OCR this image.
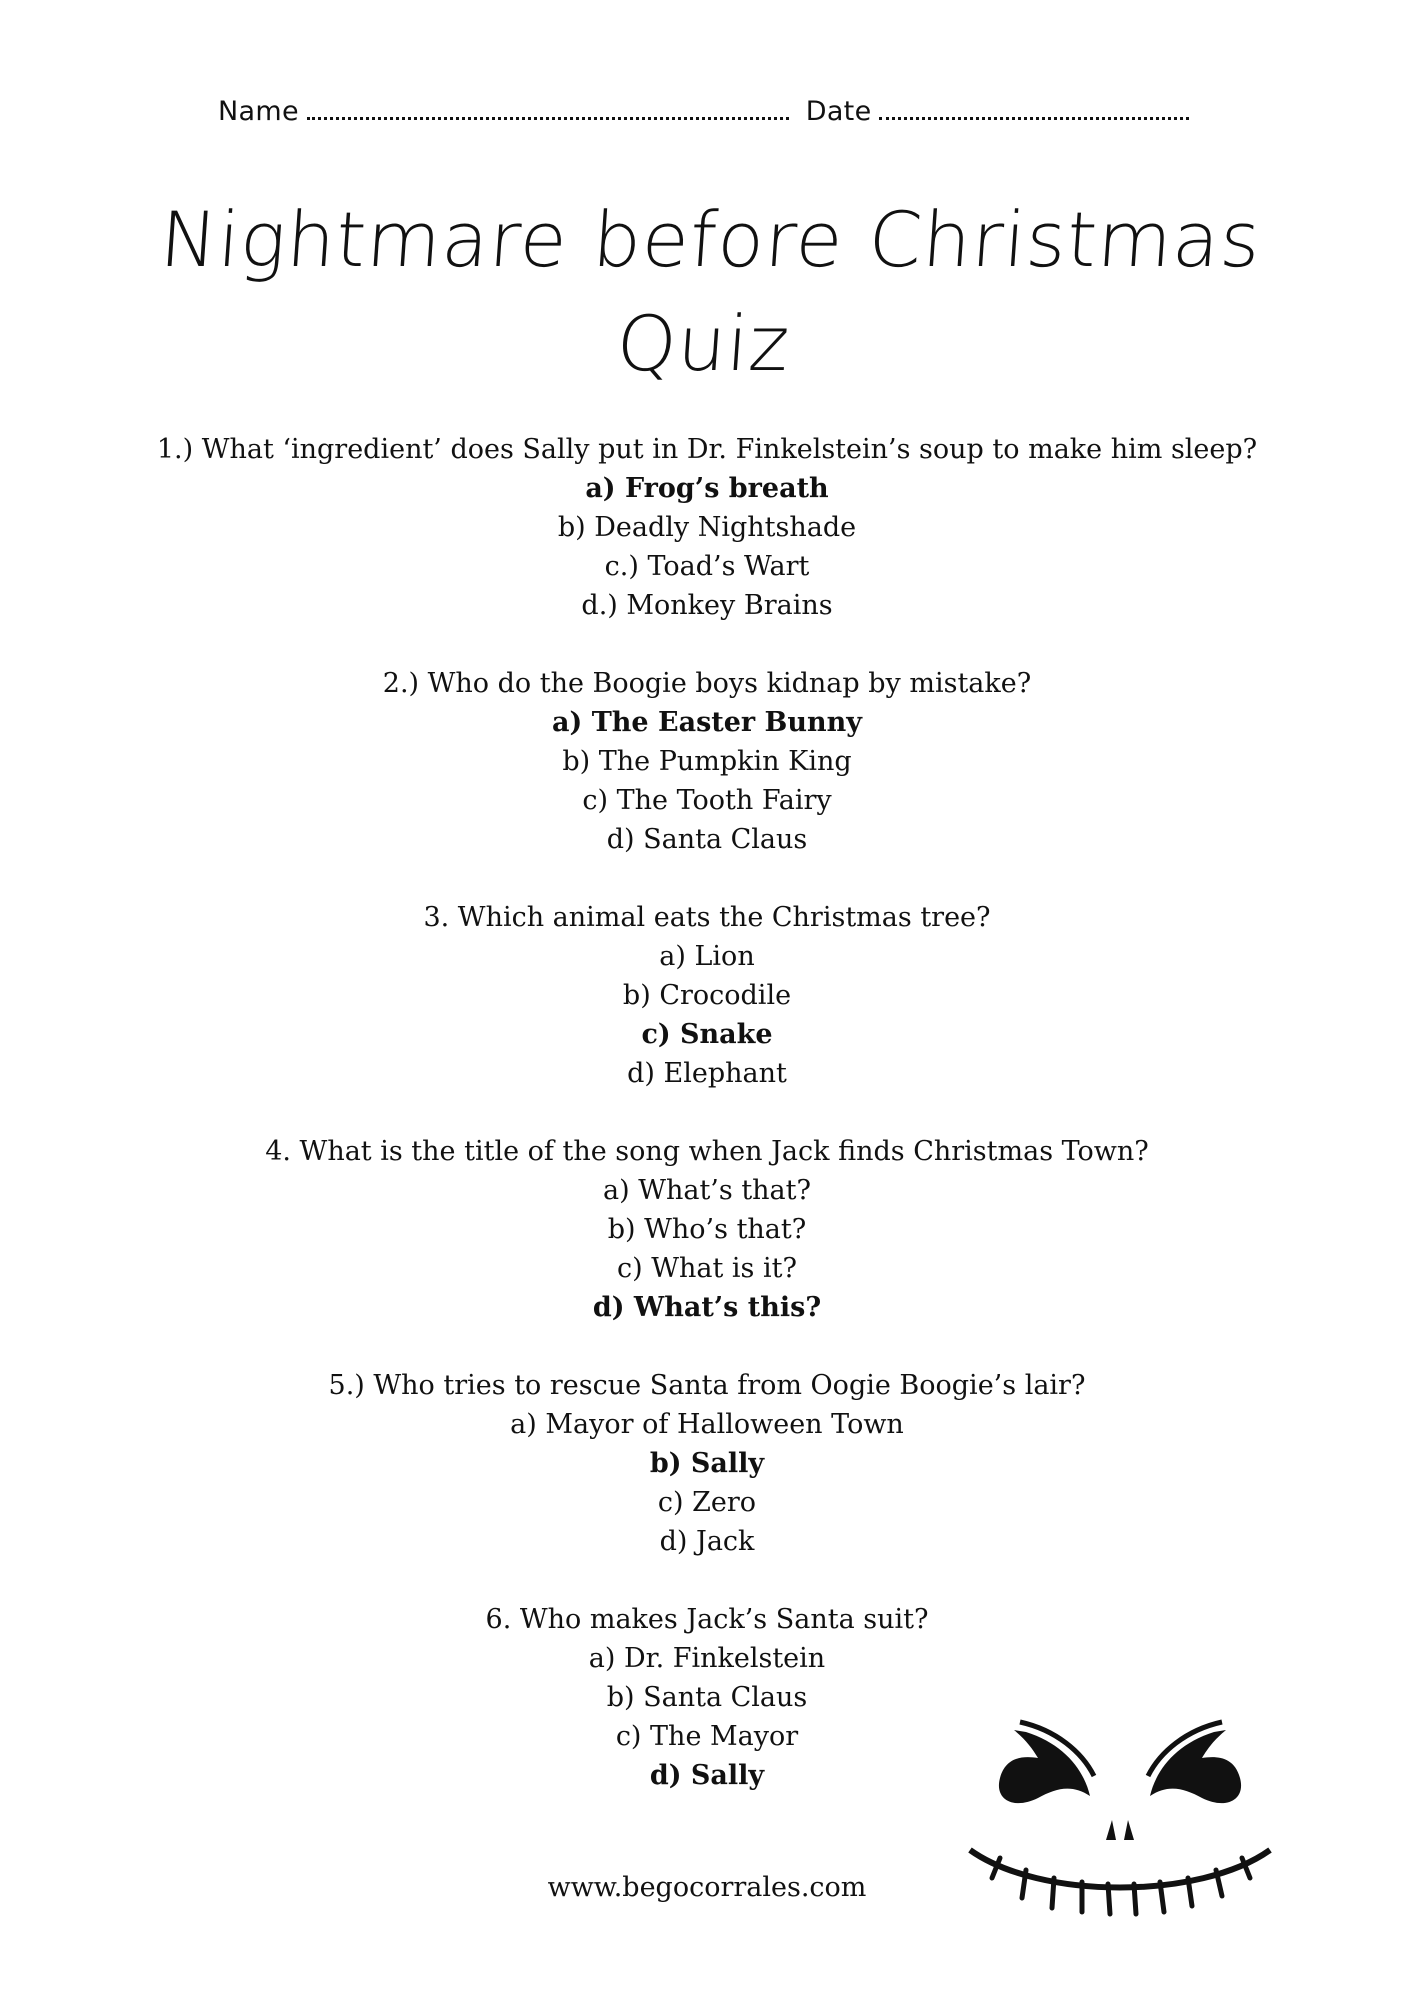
Name	Date
Nightmare before Christmas
Quiz
1.) What ‘ingredient’ does Sally put in Dr. Finkelstein’s soup to make him sleep?
a) Frog’s breath
b) Deadly Nightshade
c.) Toad’s Wart
d.) Monkey Brains
2.) Who do the Boogie boys kidnap by mistake?
a) The Easter Bunny
b) The Pumpkin King
c) The Tooth Fairy
d) Santa Claus
3. Which animal eats the Christmas tree?
a) Lion
b) Crocodile
c) Snake
d) Elephant
4. What is the title of the song when Jack finds Christmas Town?
a) What’s that?
b) Who’s that?
c) What is it?
d) What’s this?
5.) Who tries to rescue Santa from Oogie Boogie’s lair?
a) Mayor of Halloween Town
b) Sally
c) Zero
d) Jack
6. Who makes Jack’s Santa suit?
a) Dr. Finkelstein
b) Santa Claus
c) The Mayor
d) Sally
www.begocorrales.com
